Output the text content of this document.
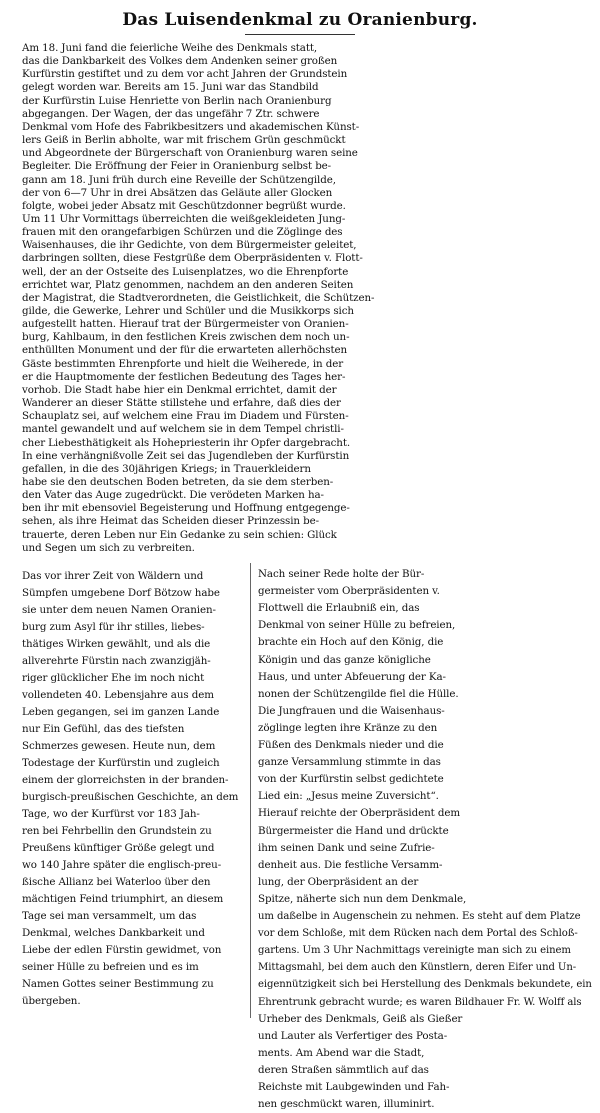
Das Luisendenkmal zu Oranienburg.
Am 18. Juni fand die feierliche Weihe des Denkmals statt,
das die Dankbarkeit des Volkes dem Andenken seiner großen
Kurfürstin gestiftet und zu dem vor acht Jahren der Grundstein
gelegt worden war. Bereits am 15. Juni war das Standbild
der Kurfürstin Luise Henriette von Berlin nach Oranienburg
abgegangen. Der Wagen, der das ungefähr 7 Ztr. schwere
Denkmal vom Hofe des Fabrikbesitzers und akademischen Künst-
lers Geiß in Berlin abholte, war mit frischem Grün geschmückt
und Abgeordnete der Bürgerschaft von Oranienburg waren seine
Begleiter. Die Eröffnung der Feier in Oranienburg selbst be-
gann am 18. Juni früh durch eine Reveille der Schützengilde,
der von 6—7 Uhr in drei Absätzen das Geläute aller Glocken
folgte, wobei jeder Absatz mit Geschützdonner begrüßt wurde.
Um 11 Uhr Vormittags überreichten die weißgekleideten Jung-
frauen mit den orangefarbigen Schürzen und die Zöglinge des
Waisenhauses, die ihr Gedichte, von dem Bürgermeister geleitet,
darbringen sollten, diese Festgrüße dem Oberpräsidenten v. Flott-
well, der an der Ostseite des Luisenplatzes, wo die Ehrenpforte
errichtet war, Platz genommen, nachdem an den anderen Seiten
der Magistrat, die Stadtverordneten, die Geistlichkeit, die Schützen-
gilde, die Gewerke, Lehrer und Schüler und die Musikkorps sich
aufgestellt hatten. Hierauf trat der Bürgermeister von Oranien-
burg, Kahlbaum, in den festlichen Kreis zwischen dem noch un-
enthüllten Monument und der für die erwarteten allerhöchsten
Gäste bestimmten Ehrenpforte und hielt die Weiherede, in der
er die Hauptmomente der festlichen Bedeutung des Tages her-
vorhob. Die Stadt habe hier ein Denkmal errichtet, damit der
Wanderer an dieser Stätte stillstehe und erfahre, daß dies der
Schauplatz sei, auf welchem eine Frau im Diadem und Fürsten-
mantel gewandelt und auf welchem sie in dem Tempel christli-
cher Liebesthätigkeit als Hohepriesterin ihr Opfer dargebracht.
In eine verhängnißvolle Zeit sei das Jugendleben der Kurfürstin
gefallen, in die des 30jährigen Kriegs; in Trauerkleidern
habe sie den deutschen Boden betreten, da sie dem sterben-
den Vater das Auge zugedrückt. Die verödeten Marken ha-
ben ihr mit ebensoviel Begeisterung und Hoffnung entgegenge-
sehen, als ihre Heimat das Scheiden dieser Prinzessin be-
trauerte, deren Leben nur Ein Gedanke zu sein schien: Glück
und Segen um sich zu verbreiten.
Das vor ihrer Zeit von Wäldern und
Sümpfen umgebene Dorf Bötzow habe
sie unter dem neuen Namen Oranien-
burg zum Asyl für ihr stilles, liebes-
thätiges Wirken gewählt, und als die
allverehrte Fürstin nach zwanzigjäh-
riger glücklicher Ehe im noch nicht
vollendeten 40. Lebensjahre aus dem
Leben gegangen, sei im ganzen Lande
nur Ein Gefühl, das des tiefsten
Schmerzes gewesen. Heute nun, dem
Todestage der Kurfürstin und zugleich
einem der glorreichsten in der branden-
burgisch-preußischen Geschichte, an dem
Tage, wo der Kurfürst vor 183 Jah-
ren bei Fehrbellin den Grundstein zu
Preußens künftiger Größe gelegt und
wo 140 Jahre später die englisch-preu-
ßische Allianz bei Waterloo über den
mächtigen Feind triumphirt, an diesem
Tage sei man versammelt, um das
Denkmal, welches Dankbarkeit und
Liebe der edlen Fürstin gewidmet, von
seiner Hülle zu befreien und es im
Namen Gottes seiner Bestimmung zu
übergeben.
Nach seiner Rede holte der Bür-
germeister vom Oberpräsidenten v.
Flottwell die Erlaubniß ein, das
Denkmal von seiner Hülle zu befreien,
brachte ein Hoch auf den König, die
Königin und das ganze königliche
Haus, und unter Abfeuerung der Ka-
nonen der Schützengilde fiel die Hülle.
Die Jungfrauen und die Waisenhaus-
zöglinge legten ihre Kränze zu den
Füßen des Denkmals nieder und die
ganze Versammlung stimmte in das
von der Kurfürstin selbst gedichtete
Lied ein: „Jesus meine Zuversicht“.
Hierauf reichte der Oberpräsident dem
Bürgermeister die Hand und drückte
ihm seinen Dank und seine Zufrie-
denheit aus. Die festliche Versamm-
lung, der Oberpräsident an der
Spitze, näherte sich nun dem Denkmale,
um daßelbe in Augenschein zu nehmen. Es steht auf dem Platze
vor dem Schloße, mit dem Rücken nach dem Portal des Schloß-
gartens. Um 3 Uhr Nachmittags vereinigte man sich zu einem
Mittagsmahl, bei dem auch den Künstlern, deren Eifer und Un-
eigennützigkeit sich bei Herstellung des Denkmals bekundete, ein
Ehrentrunk gebracht wurde; es waren Bildhauer Fr. W. Wolff als
Urheber des Denkmals, Geiß als Gießer
und Lauter als Verfertiger des Posta-
ments. Am Abend war die Stadt,
deren Straßen sämmtlich auf das
Reichste mit Laubgewinden und Fah-
nen geschmückt waren, illuminirt.
